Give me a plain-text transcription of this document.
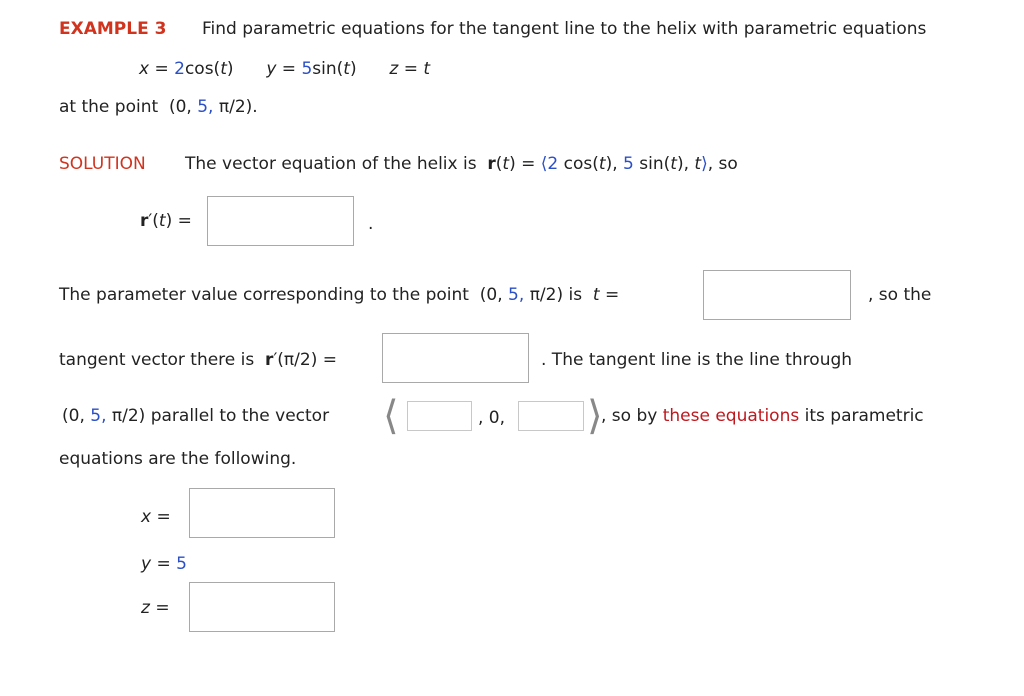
EXAMPLE 3 Find parametric equations for the tangent line to the helix with parametric equations
x = 2cos(t) y = 5sin(t) z = t
at the point (0, 5, π/2).
SOLUTION The vector equation of the helix is r(t) = ⟨2 cos(t), 5 sin(t), t⟩, so
r′(t) =	.
The parameter value corresponding to the point (0, 5, π/2) is t =	, so the
tangent vector there is r′(π/2) =	. The tangent line is the line through
(0, 5, π/2) parallel to the vector ⟨	, 0, ⟩
, so by these equations its parametric
equations are the following.
x =
y = 5
z =
